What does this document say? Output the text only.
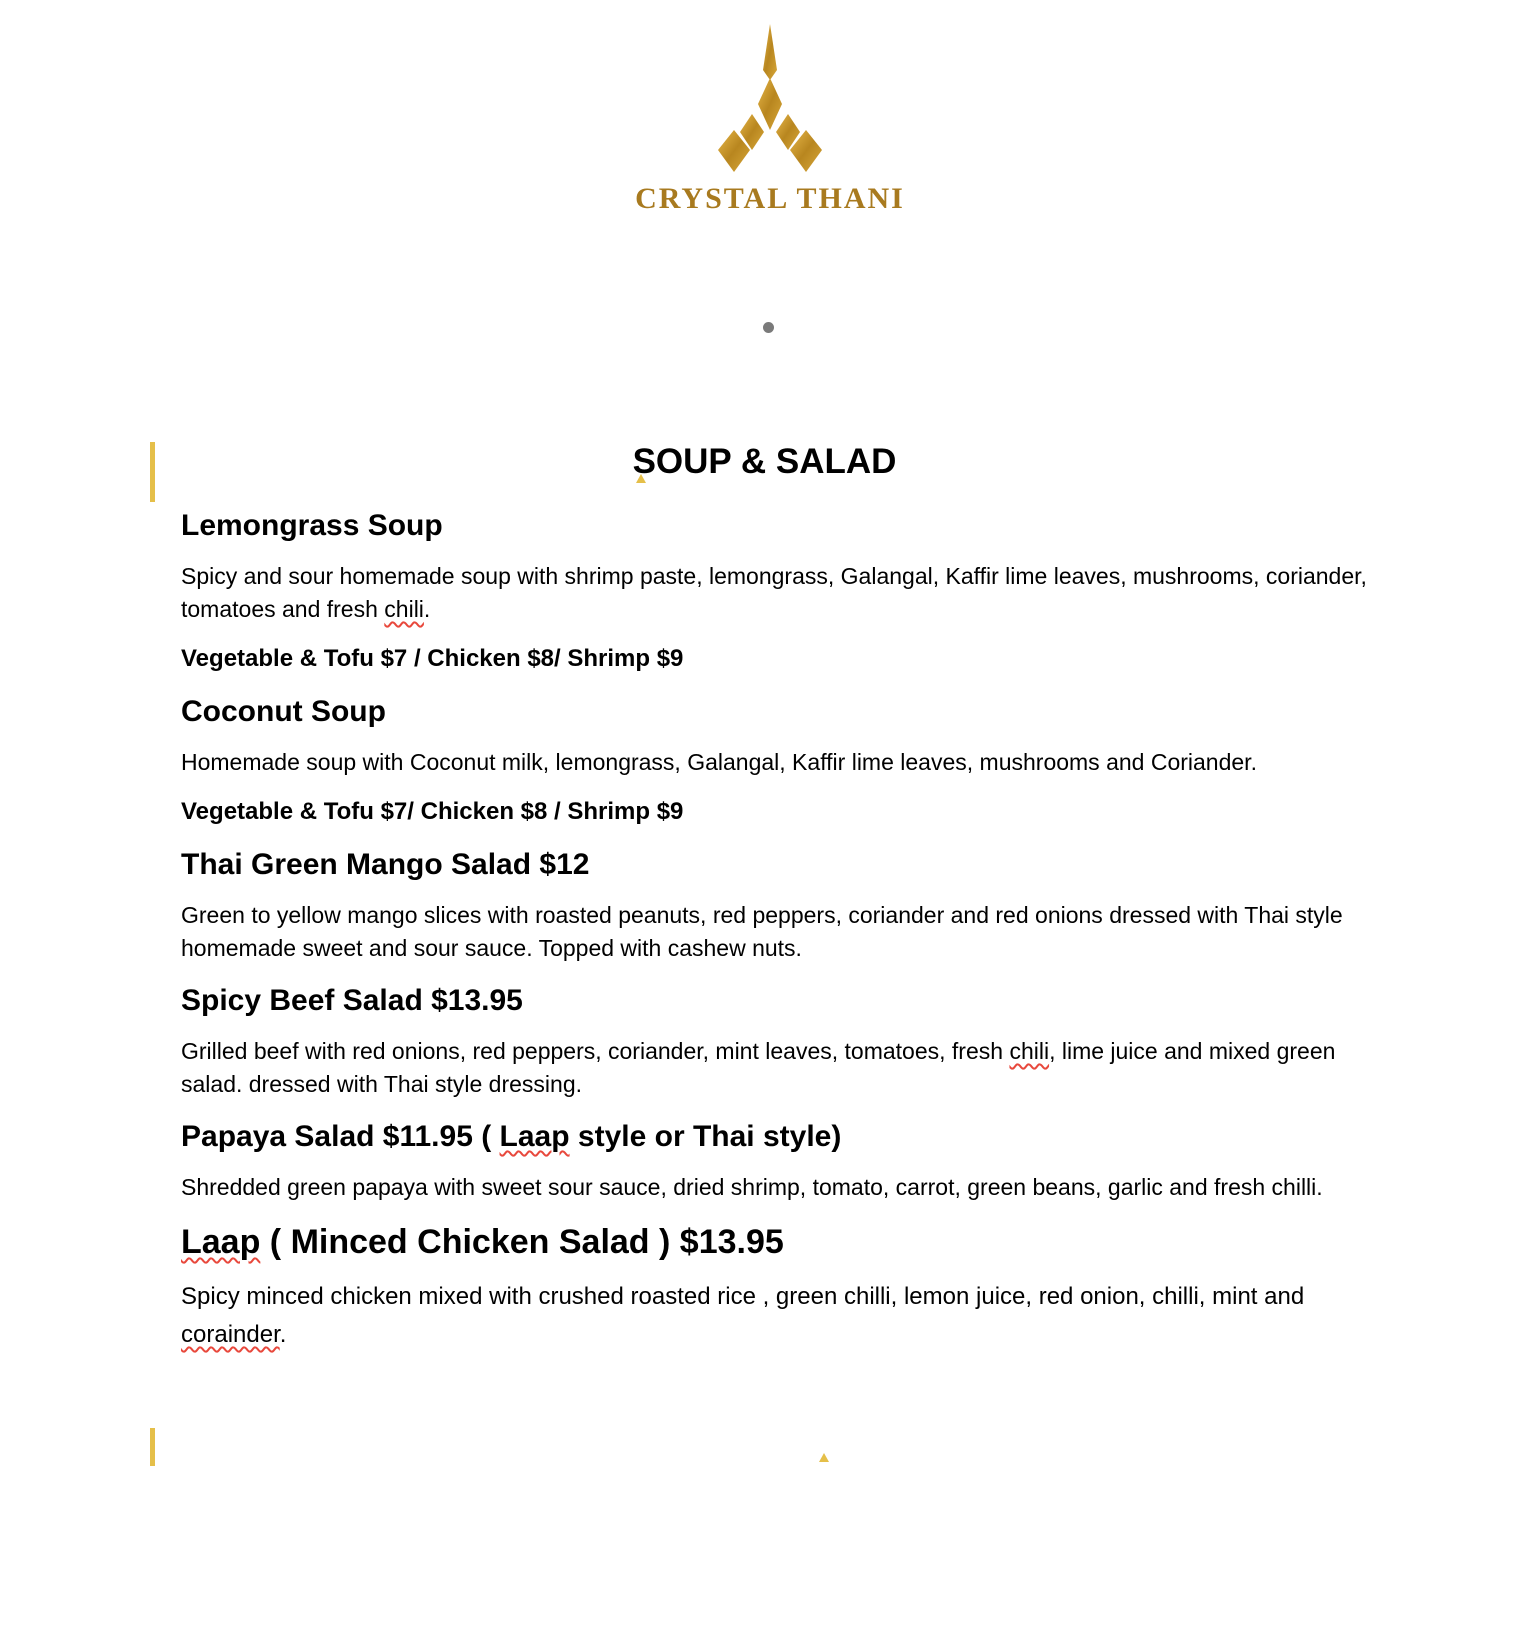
CRYSTAL THANI
SOUP & SALAD
Lemongrass Soup
Spicy and sour homemade soup with shrimp paste, lemongrass, Galangal, Kaffir lime leaves, mushrooms, coriander, tomatoes and fresh chili.
Vegetable & Tofu $7 / Chicken $8/ Shrimp $9
Coconut Soup
Homemade soup with Coconut milk, lemongrass, Galangal, Kaffir lime leaves, mushrooms and Coriander.
Vegetable & Tofu $7/ Chicken $8 / Shrimp $9
Thai Green Mango Salad $12
Green to yellow mango slices with roasted peanuts, red peppers, coriander and red onions dressed with Thai style homemade sweet and sour sauce. Topped with cashew nuts.
Spicy Beef Salad $13.95
Grilled beef with red onions, red peppers, coriander, mint leaves, tomatoes, fresh chili, lime juice and mixed green salad. dressed with Thai style dressing.
Papaya Salad $11.95 ( Laap style or Thai style)
Shredded green papaya with sweet sour sauce, dried shrimp, tomato, carrot, green beans, garlic and fresh chilli.
Laap ( Minced Chicken Salad ) $13.95
Spicy minced chicken mixed with crushed roasted rice , green chilli, lemon juice, red onion, chilli, mint and corainder.
